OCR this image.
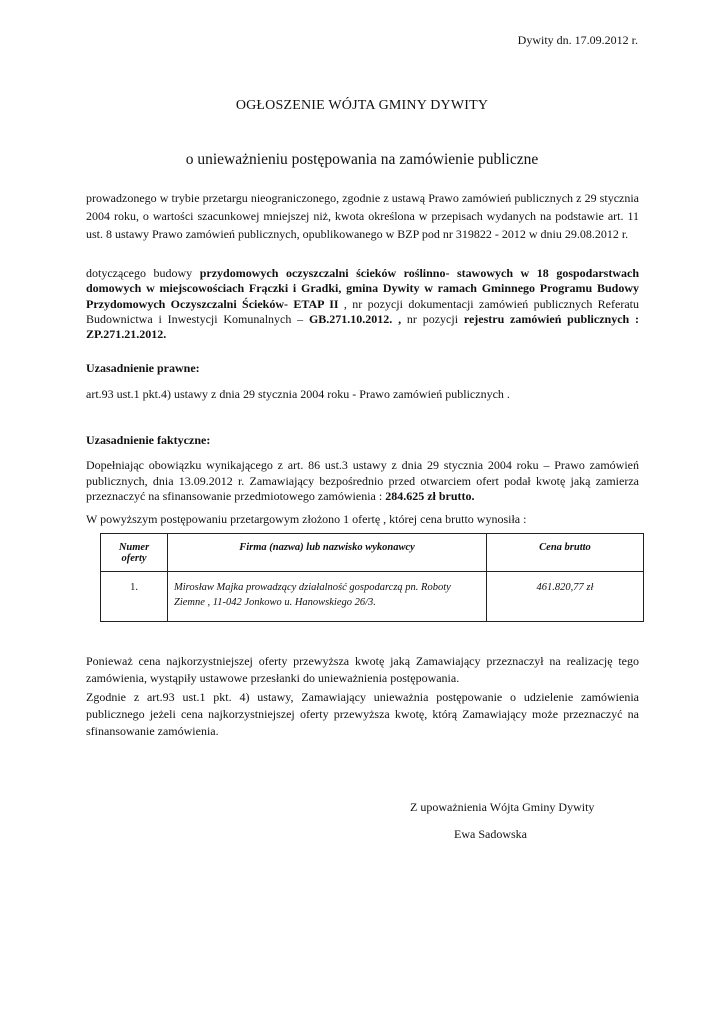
Dywity dn. 17.09.2012 r.
OGŁOSZENIE WÓJTA GMINY DYWITY
o unieważnieniu postępowania na zamówienie publiczne
prowadzonego w trybie przetargu nieograniczonego, zgodnie z ustawą Prawo zamówień publicznych z 29 stycznia 2004 roku, o wartości szacunkowej mniejszej niż, kwota określona w przepisach wydanych na podstawie art. 11 ust. 8 ustawy Prawo zamówień publicznych, opublikowanego w BZP pod nr 319822 - 2012 w dniu 29.08.2012 r.
dotyczącego budowy przydomowych oczyszczalni ścieków roślinno- stawowych w 18 gospodarstwach domowych w miejscowościach Frączki i Gradki, gmina Dywity w ramach Gminnego Programu Budowy Przydomowych Oczyszczalni Ścieków- ETAP II , nr pozycji dokumentacji zamówień publicznych Referatu Budownictwa i Inwestycji Komunalnych – GB.271.10.2012. , nr pozycji rejestru zamówień publicznych : ZP.271.21.2012.
Uzasadnienie prawne:
art.93 ust.1 pkt.4) ustawy z dnia 29 stycznia 2004 roku - Prawo zamówień publicznych .
Uzasadnienie faktyczne:
Dopełniając obowiązku wynikającego z art. 86 ust.3 ustawy z dnia 29 stycznia 2004 roku – Prawo zamówień publicznych, dnia 13.09.2012 r. Zamawiający bezpośrednio przed otwarciem ofert podał kwotę jaką zamierza przeznaczyć na sfinansowanie przedmiotowego zamówienia : 284.625 zł brutto.
W powyższym postępowaniu przetargowym złożono 1 ofertę , której cena brutto wynosiła :
Numer oferty	Firma (nazwa) lub nazwisko wykonawcy	Cena brutto
1.	Mirosław Majka prowadzący działalność gospodarczą pn. Roboty Ziemne , 11-042 Jonkowo u. Hanowskiego 26/3.	461.820,77 zł
Ponieważ cena najkorzystniejszej oferty przewyższa kwotę jaką Zamawiający przeznaczył na realizację tego zamówienia, wystąpiły ustawowe przesłanki do unieważnienia postępowania.
Zgodnie z art.93 ust.1 pkt. 4) ustawy, Zamawiający unieważnia postępowanie o udzielenie zamówienia publicznego jeżeli cena najkorzystniejszej oferty przewyższa kwotę, którą Zamawiający może przeznaczyć na sfinansowanie zamówienia.
Z upoważnienia Wójta Gminy Dywity
Ewa Sadowska
